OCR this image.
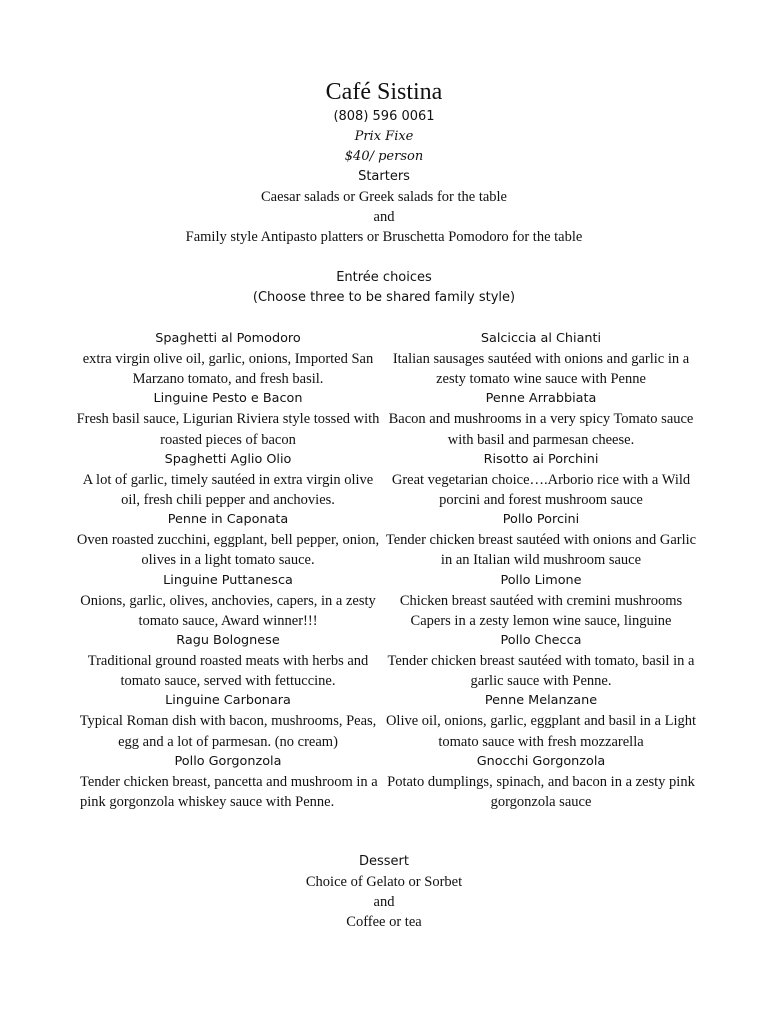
Café Sistina
(808) 596 0061
Prix Fixe
$40/ person
Starters
Caesar salads or Greek salads for the table
and
Family style Antipasto platters or Bruschetta Pomodoro for the table
Entrée choices
(Choose three to be shared family style)
Spaghetti al Pomodoro
extra virgin olive oil, garlic, onions, Imported San Marzano tomato, and fresh basil.
Linguine Pesto e Bacon
Fresh basil sauce, Ligurian Riviera style tossed with roasted pieces of bacon
Spaghetti Aglio Olio
A lot of garlic, timely sautéed in extra virgin olive oil, fresh chili pepper and anchovies.
Penne in Caponata
Oven roasted zucchini, eggplant, bell pepper, onion, olives in a light tomato sauce.
Linguine Puttanesca
Onions, garlic, olives, anchovies, capers, in a zesty tomato sauce, Award winner!!!
Ragu Bolognese
Traditional ground roasted meats with herbs and tomato sauce, served with fettuccine.
Linguine Carbonara
Typical Roman dish with bacon, mushrooms, Peas, egg and a lot of parmesan. (no cream)
Pollo Gorgonzola
Tender chicken breast, pancetta and mushroom in a pink gorgonzola whiskey sauce with Penne.
Salciccia al Chianti
Italian sausages sautéed with onions and garlic in a zesty tomato wine sauce with Penne
Penne Arrabbiata
Bacon and mushrooms in a very spicy Tomato sauce with basil and parmesan cheese.
Risotto ai Porchini
Great vegetarian choice….Arborio rice with a Wild porcini and forest mushroom sauce
Pollo Porcini
Tender chicken breast sautéed with onions and Garlic in an Italian wild mushroom sauce
Pollo Limone
Chicken breast sautéed with cremini mushrooms Capers in a zesty lemon wine sauce, linguine
Pollo Checca
Tender chicken breast sautéed with tomato, basil in a garlic sauce with Penne.
Penne Melanzane
Olive oil, onions, garlic, eggplant and basil in a Light tomato sauce with fresh mozzarella
Gnocchi Gorgonzola
Potato dumplings, spinach, and bacon in a zesty pink gorgonzola sauce
Dessert
Choice of Gelato or Sorbet
and
Coffee or tea
